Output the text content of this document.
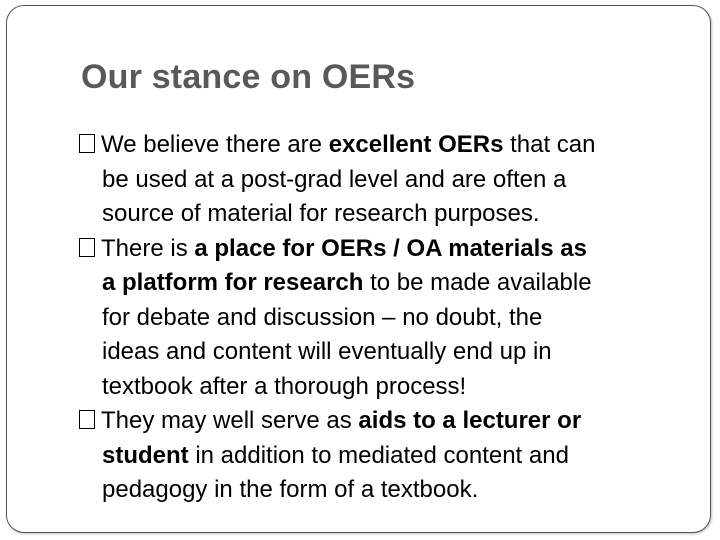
Our stance on OERs
We believe there are excellent OERs that can
be used at a post-grad level and are often a
source of material for research purposes.
There is a place for OERs / OA materials as
a platform for research to be made available
for debate and discussion – no doubt, the
ideas and content will eventually end up in
textbook after a thorough process!
They may well serve as aids to a lecturer or
student in addition to mediated content and
pedagogy in the form of a textbook.
